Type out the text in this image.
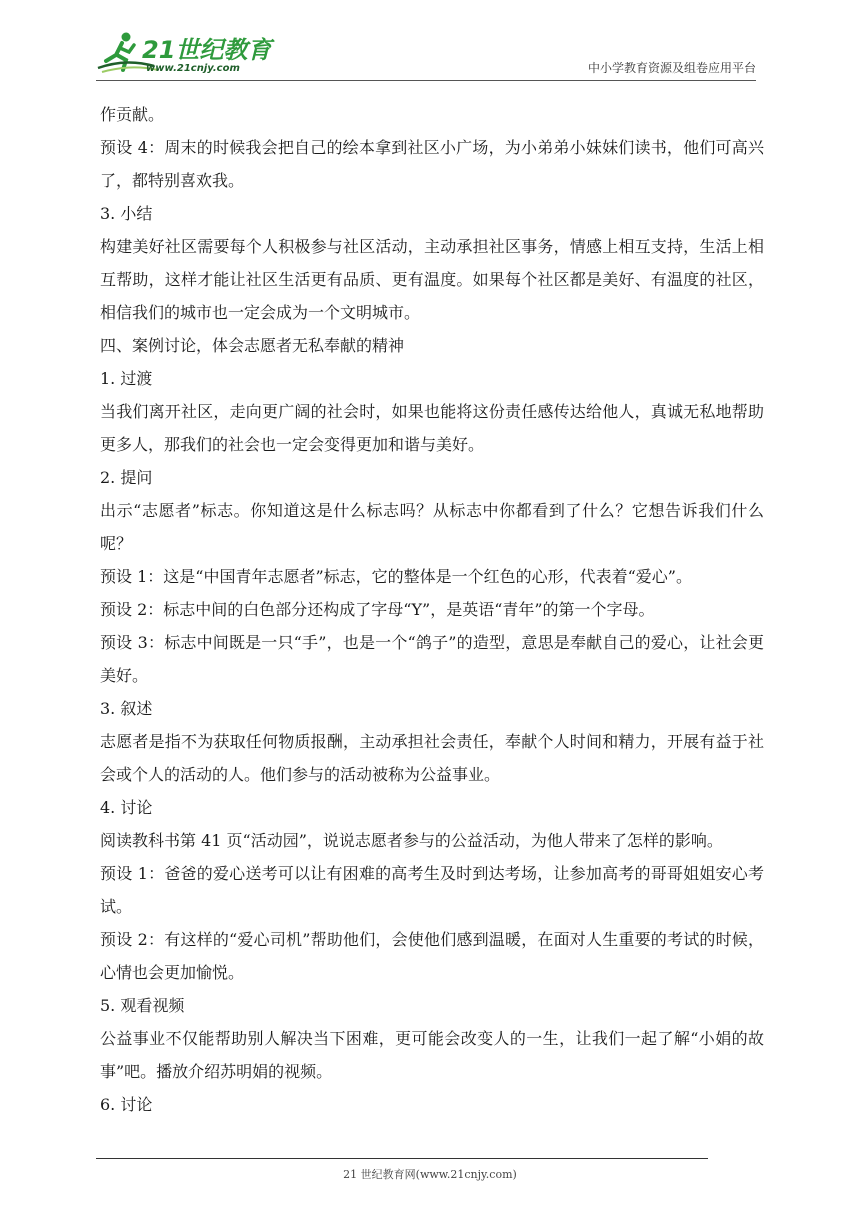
21世纪教育
www.21cnjy.com	中小学教育资源及组卷应用平台

作贡献。

预设 4：周末的时候我会把自己的绘本拿到社区小广场，为小弟弟小妹妹们读书，他们可高兴了，都特别喜欢我。

3. 小结

构建美好社区需要每个人积极参与社区活动，主动承担社区事务，情感上相互支持，生活上相互帮助，这样才能让社区生活更有品质、更有温度。如果每个社区都是美好、有温度的社区，相信我们的城市也一定会成为一个文明城市。

四、案例讨论，体会志愿者无私奉献的精神

1. 过渡

当我们离开社区，走向更广阔的社会时，如果也能将这份责任感传达给他人，真诚无私地帮助更多人，那我们的社会也一定会变得更加和谐与美好。

2. 提问

出示“志愿者”标志。你知道这是什么标志吗？从标志中你都看到了什么？它想告诉我们什么呢？

预设 1：这是“中国青年志愿者”标志，它的整体是一个红色的心形，代表着“爱心”。

预设 2：标志中间的白色部分还构成了字母“Y”，是英语“青年”的第一个字母。

预设 3：标志中间既是一只“手”，也是一个“鸽子”的造型，意思是奉献自己的爱心，让社会更美好。

3. 叙述

志愿者是指不为获取任何物质报酬，主动承担社会责任，奉献个人时间和精力，开展有益于社会或个人的活动的人。他们参与的活动被称为公益事业。

4. 讨论

阅读教科书第 41 页“活动园”，说说志愿者参与的公益活动，为他人带来了怎样的影响。

预设 1：爸爸的爱心送考可以让有困难的高考生及时到达考场，让参加高考的哥哥姐姐安心考试。

预设 2：有这样的“爱心司机”帮助他们，会使他们感到温暖，在面对人生重要的考试的时候，心情也会更加愉悦。

5. 观看视频

公益事业不仅能帮助别人解决当下困难，更可能会改变人的一生，让我们一起了解“小娟的故事”吧。播放介绍苏明娟的视频。

6. 讨论

21 世纪教育网(www.21cnjy.com)
